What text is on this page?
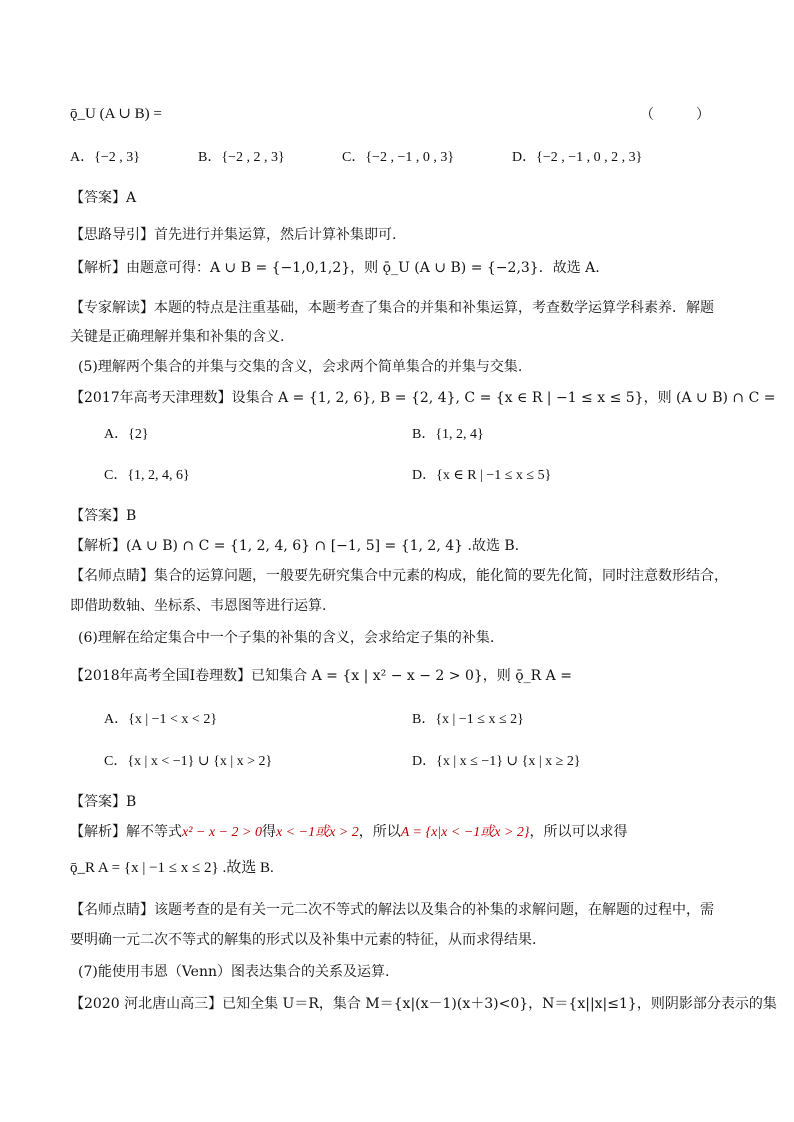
ǭ_U (A ∪ B) =	（　）
A．{−2 , 3}	B．{−2 , 2 , 3}	C．{−2 , −1 , 0 , 3}	D．{−2 , −1 , 0 , 2 , 3}
【答案】A
【思路导引】首先进行并集运算，然后计算补集即可.
【解析】由题意可得：A ∪ B = {−1,0,1,2}，则 ǭ_U (A ∪ B) = {−2,3}．故选 A.
【专家解读】本题的特点是注重基础，本题考查了集合的并集和补集运算，考查数学运算学科素养．解题
关键是正确理解并集和补集的含义.
(5)理解两个集合的并集与交集的含义，会求两个简单集合的并集与交集.
【2017年高考天津理数】设集合 A = {1, 2, 6}, B = {2, 4}, C = {x ∈ R | −1 ≤ x ≤ 5}，则 (A ∪ B) ∩ C =
A．{2}	B．{1, 2, 4}
C．{1, 2, 4, 6}	D．{x ∈ R | −1 ≤ x ≤ 5}
【答案】B
【解析】(A ∪ B) ∩ C = {1, 2, 4, 6} ∩ [−1, 5] = {1, 2, 4} .故选 B.
【名师点睛】集合的运算问题，一般要先研究集合中元素的构成，能化简的要先化简，同时注意数形结合，
即借助数轴、坐标系、韦恩图等进行运算.
(6)理解在给定集合中一个子集的补集的含义，会求给定子集的补集.
【2018年高考全国Ⅰ卷理数】已知集合 A = {x | x² − x − 2 > 0}，则 ǭ_R A =
A．{x | −1 < x < 2}	B．{x | −1 ≤ x ≤ 2}
C．{x | x < −1} ∪ {x | x > 2}	D．{x | x ≤ −1} ∪ {x | x ≥ 2}
【答案】B
【解析】解不等式x² − x − 2 > 0得x < −1或x > 2，所以A = {x|x < −1或x > 2}，所以可以求得
ǭ_R A = {x | −1 ≤ x ≤ 2} .故选 B.
【名师点睛】该题考查的是有关一元二次不等式的解法以及集合的补集的求解问题，在解题的过程中，需
要明确一元二次不等式的解集的形式以及补集中元素的特征，从而求得结果.
(7)能使用韦恩（Venn）图表达集合的关系及运算.
【2020 河北唐山高三】已知全集 U＝R，集合 M＝{x|(x－1)(x＋3)<0}，N＝{x||x|≤1}，则阴影部分表示的集
